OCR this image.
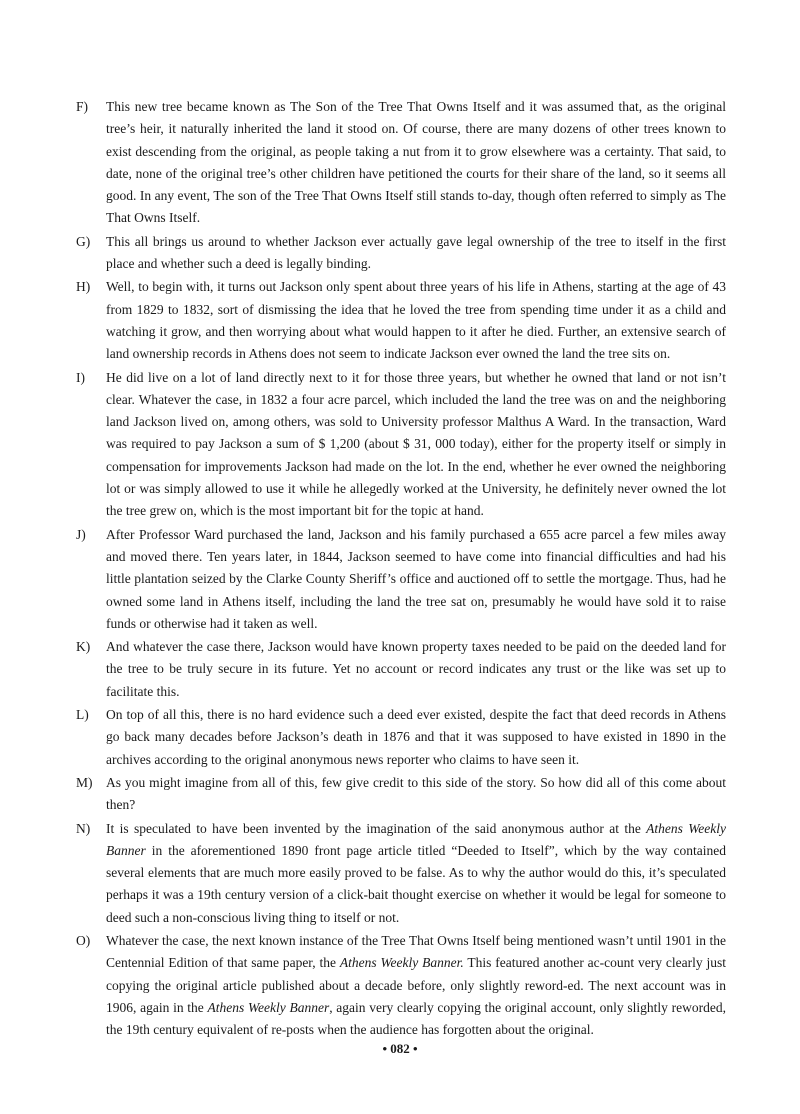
F)	This new tree became known as The Son of the Tree That Owns Itself and it was assumed that, as the original tree’s heir, it naturally inherited the land it stood on. Of course, there are many dozens of other trees known to exist descending from the original, as people taking a nut from it to grow elsewhere was a certainty. That said, to date, none of the original tree’s other children have petitioned the courts for their share of the land, so it seems all good. In any event, The son of the Tree That Owns Itself still stands to-day, though often referred to simply as The That Owns Itself.
G)	This all brings us around to whether Jackson ever actually gave legal ownership of the tree to itself in the first place and whether such a deed is legally binding.
H)	Well, to begin with, it turns out Jackson only spent about three years of his life in Athens, starting at the age of 43 from 1829 to 1832, sort of dismissing the idea that he loved the tree from spending time under it as a child and watching it grow, and then worrying about what would happen to it after he died. Further, an extensive search of land ownership records in Athens does not seem to indicate Jackson ever owned the land the tree sits on.
I)	He did live on a lot of land directly next to it for those three years, but whether he owned that land or not isn’t clear. Whatever the case, in 1832 a four acre parcel, which included the land the tree was on and the neighboring land Jackson lived on, among others, was sold to University professor Malthus A Ward. In the transaction, Ward was required to pay Jackson a sum of $ 1,200 (about $ 31, 000 today), either for the property itself or simply in compensation for improvements Jackson had made on the lot. In the end, whether he ever owned the neighboring lot or was simply allowed to use it while he allegedly worked at the University, he definitely never owned the lot the tree grew on, which is the most important bit for the topic at hand.
J)	After Professor Ward purchased the land, Jackson and his family purchased a 655 acre parcel a few miles away and moved there. Ten years later, in 1844, Jackson seemed to have come into financial difficulties and had his little plantation seized by the Clarke County Sheriff’s office and auctioned off to settle the mortgage. Thus, had he owned some land in Athens itself, including the land the tree sat on, presumably he would have sold it to raise funds or otherwise had it taken as well.
K)	And whatever the case there, Jackson would have known property taxes needed to be paid on the deeded land for the tree to be truly secure in its future. Yet no account or record indicates any trust or the like was set up to facilitate this.
L)	On top of all this, there is no hard evidence such a deed ever existed, despite the fact that deed records in Athens go back many decades before Jackson’s death in 1876 and that it was supposed to have existed in 1890 in the archives according to the original anonymous news reporter who claims to have seen it.
M)	As you might imagine from all of this, few give credit to this side of the story. So how did all of this come about then?
N)	It is speculated to have been invented by the imagination of the said anonymous author at the Athens Weekly Banner in the aforementioned 1890 front page article titled “Deeded to Itself”, which by the way contained several elements that are much more easily proved to be false. As to why the author would do this, it’s speculated perhaps it was a 19th century version of a click-bait thought exercise on whether it would be legal for someone to deed such a non-conscious living thing to itself or not.
O)	Whatever the case, the next known instance of the Tree That Owns Itself being mentioned wasn’t until 1901 in the Centennial Edition of that same paper, the Athens Weekly Banner. This featured another ac-count very clearly just copying the original article published about a decade before, only slightly reword-ed. The next account was in 1906, again in the Athens Weekly Banner, again very clearly copying the original account, only slightly reworded, the 19th century equivalent of re-posts when the audience has forgotten about the original.
• 082 •
